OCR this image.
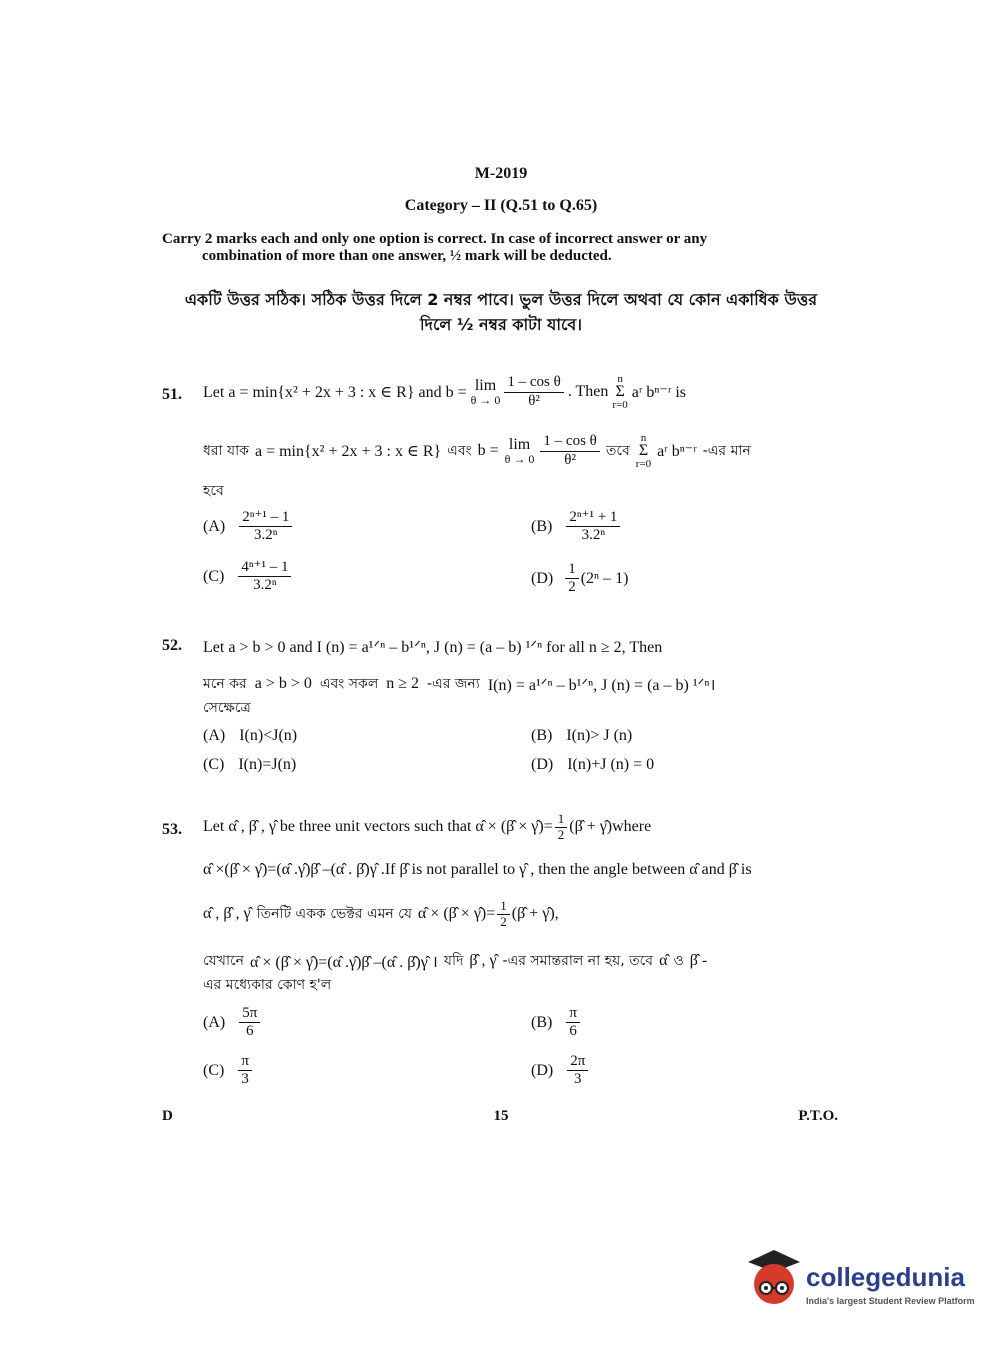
M-2019
Category – II (Q.51 to Q.65)
Carry 2 marks each and only one option is correct. In case of incorrect answer or any
combination of more than one answer, ½ mark will be deducted.
একটি উত্তর সঠিক। সঠিক উত্তর দিলে 2 নম্বর পাবে। ভুল উত্তর দিলে অথবা যে কোন একাধিক উত্তর
দিলে ½ নম্বর কাটা যাবে।
51. Let a = min{x² + 2x + 3 : x ∈ R} and b = lim
$\theta \to 0 \frac{\text{1 – cos θ}}{\text{θ²}}$ . Then
n
Σ
r=0
aʳ bⁿ⁻ʳ is
ধরা যাক a = min{x² + 2x + 3 : x ∈ R} এবং b = lim
$\theta \to 0 \frac{\text{1 – cos θ}}{\text{θ²}}$ তবে
n
Σ
r=0
aʳ bⁿ⁻ʳ -এর মান
হবে
$(A) \frac{\text{2ⁿ⁺¹ – 1}}{\text{3.2ⁿ}}$	$(B) \frac{\text{2ⁿ⁺¹ + 1}}{\text{3.2ⁿ}}$
$(C) \frac{\text{4ⁿ⁺¹ – 1}}{\text{3.2ⁿ}}$	$(D) \frac{1}{2} (2^n - 1)$
52. Let a > b > 0 and I (n) = a¹ᐟⁿ – b¹ᐟⁿ, J (n) = (a – b) ¹ᐟⁿ for all n ≥ 2, Then
মনে কর a > b > 0 এবং সকল n ≥ 2 -এর জন্য I(n) = a¹ᐟⁿ – b¹ᐟⁿ, J (n) = (a – b) ¹ᐟⁿ।
সেক্ষেত্রে
(A) I(n)<J(n)	(B) I(n)> J (n)
(C) I(n)=J(n)	(D) I(n)+J (n) = 0
53. Let α̂ , β̂ , γ̂ be three unit vectors such that α̂ × (β̂ × γ̂)= $\frac{1}{2}$ (β̂ + γ̂)where
α̂ ×(β̂ × γ̂)=(α̂ .γ̂)β̂ –(α̂ . β̂)γ̂ .If β̂ is not parallel to γ̂ , then the angle between α̂ and β̂ is
α̂ , β̂ , γ̂ তিনটি একক ভেক্টর এমন যে α̂ × (β̂ × γ̂)= $\frac{1}{2}$ (β̂ + γ̂),
যেখানে α̂ × (β̂ × γ̂)=(α̂ .γ̂)β̂ –(α̂ . β̂)γ̂ । যদি β̂ , γ̂ -এর সমান্তরাল না হয়, তবে α̂ ও β̂ -
এর মধ্যেকার কোণ হ'ল
$(A) \frac{5\pi}{6}$	$(B) \frac{\pi}{6}$
$(C) \frac{\pi}{3}$	$(D) \frac{2\pi}{3}$
D	15	P.T.O.
collegedunia
India's largest Student Review Platform
